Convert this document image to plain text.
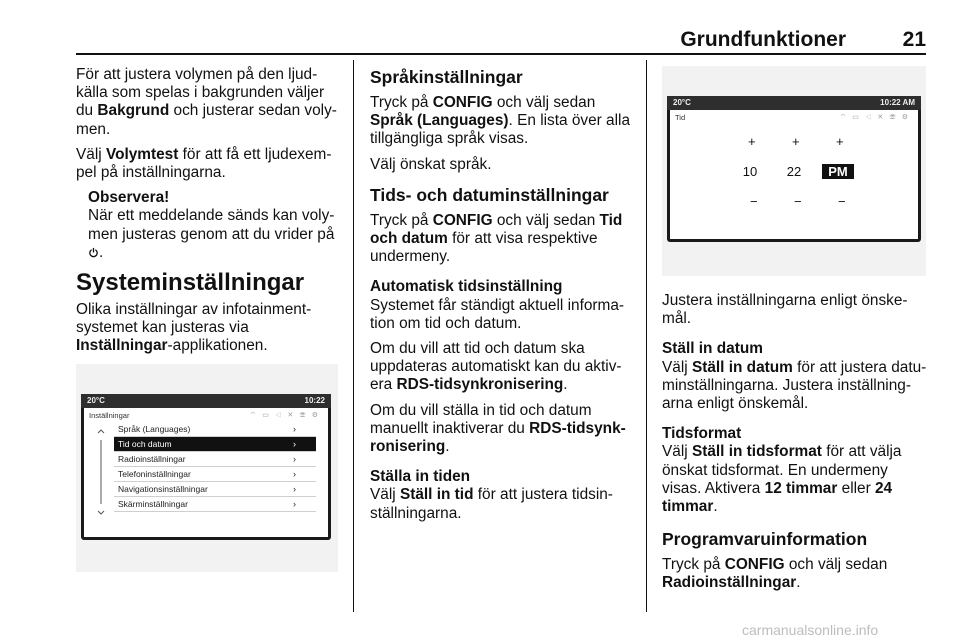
Grundfunktioner	21

För att justera volymen på den ljud-källa som spelas i bakgrunden väljer du Bakgrund och justerar sedan voly-men.

Välj Volymtest för att få ett ljudexem-pel på inställningarna.

Observera!

När ett meddelande sänds kan voly-men justeras genom att du vrider på .

Systeminställningar

Olika inställningar av infotainment-systemet kan justeras via Inställningar-applikationen.

20°C	10:22
Inställningar	⌔ ▭ ◁ ✕ ☏ ⚙
Språk (Languages)	›
Tid och datum	›
Radioinställningar	›
Telefoninställningar	›
Navigationsinställningar	›
Skärminställningar	›
Språkinställningar

Tryck på CONFIG och välj sedan Språk (Languages). En lista över alla tillgängliga språk visas.

Välj önskat språk.

Tids- och datuminställningar

Tryck på CONFIG och välj sedan Tid och datum för att visa respektive undermeny.

Automatisk tidsinställning

Systemet får ständigt aktuell informa-tion om tid och datum.

Om du vill att tid och datum ska uppdateras automatiskt kan du aktiv-era RDS-tidsynkronisering.

Om du vill ställa in tid och datum manuellt inaktiverar du RDS-tidsynk-ronisering.

Ställa in tiden

Välj Ställ in tid för att justera tidsin-ställningarna.

20°C	10:22 AM
Tid	⌔ ▭ ◁ ✕ ☏ ⚙
+	+	+
10	22	PM
−	−	−

Justera inställningarna enligt önske-mål.

Ställ in datum

Välj Ställ in datum för att justera datu-minställningarna. Justera inställning-arna enligt önskemål.

Tidsformat

Välj Ställ in tidsformat för att välja önskat tidsformat. En undermeny visas. Aktivera 12 timmar eller 24 timmar.

Programvaruinformation

Tryck på CONFIG och välj sedan Radioinställningar.

carmanualsonline.info
